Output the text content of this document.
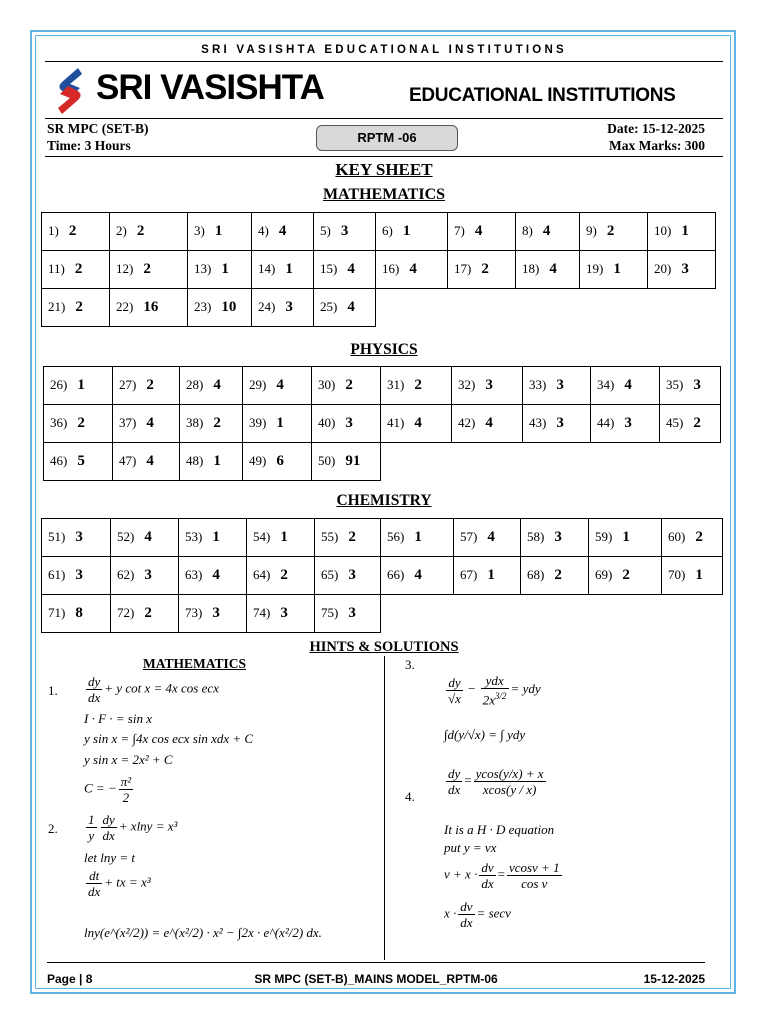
SRI VASISHTA EDUCATIONAL INSTITUTIONS
SRI VASISHTA	EDUCATIONAL INSTITUTIONS
SR MPC (SET-B)
Time: 3 Hours
RPTM -06
Date: 15-12-2025
Max Marks: 300
KEY SHEET
MATHEMATICS
1) 2	2) 2	3) 1	4) 4	5) 3	6) 1	7) 4	8) 4	9) 2	10) 1
11) 2	12) 2	13) 1	14) 1	15) 4	16) 4	17) 2	18) 4	19) 1	20) 3
21) 2	22) 16	23) 10	24) 3	25) 4					
PHYSICS
26) 1	27) 2	28) 4	29) 4	30) 2	31) 2	32) 3	33) 3	34) 4	35) 3
36) 2	37) 4	38) 2	39) 1	40) 3	41) 4	42) 4	43) 3	44) 3	45) 2
46) 5	47) 4	48) 1	49) 6	50) 91					
CHEMISTRY
51) 3	52) 4	53) 1	54) 1	55) 2	56) 1	57) 4	58) 3	59) 1	60) 2
61) 3	62) 3	63) 4	64) 2	65) 3	66) 4	67) 1	68) 2	69) 2	70) 1
71) 8	72) 2	73) 3	74) 3	75) 3					
HINTS & SOLUTIONS
MATHEMATICS
1. $\frac{dy}{dx} + y$ cot x = 4x cos ecx
I · F · = sin x
y sin x = ∫4x cos ecx sin xdx + C
y sin x = 2x² + C
C = − $\frac{\text{π²}}{2}$
2. $\frac{1}{y} \frac{dy}{dx} + xlny = x^3$
let lny = t
$\frac{dt}{dx}$ + tx = x³
lny(e^(x²/2)) = e^(x²/2) · x² − ∫2x · e^(x²/2) dx.
3.
$\frac{dy}{√x} - \frac{\text{ydx}}{2x^{3/2}}$ = ydy
∫d(y/√x) = ∫ ydy
4. $\frac{dy}{dx} = \frac{ycos(y/x) + x}{xcos(y / x)}$
It is a H · D equation
put y = vx
$v + x \cdot \frac{dv}{dx} = \frac{vcosv + 1}{\text{cos v}}$
$x \cdot \frac{dv}{dx} = \sec v$
Page | 8	SR MPC (SET-B)_MAINS MODEL_RPTM-06	15-12-2025
